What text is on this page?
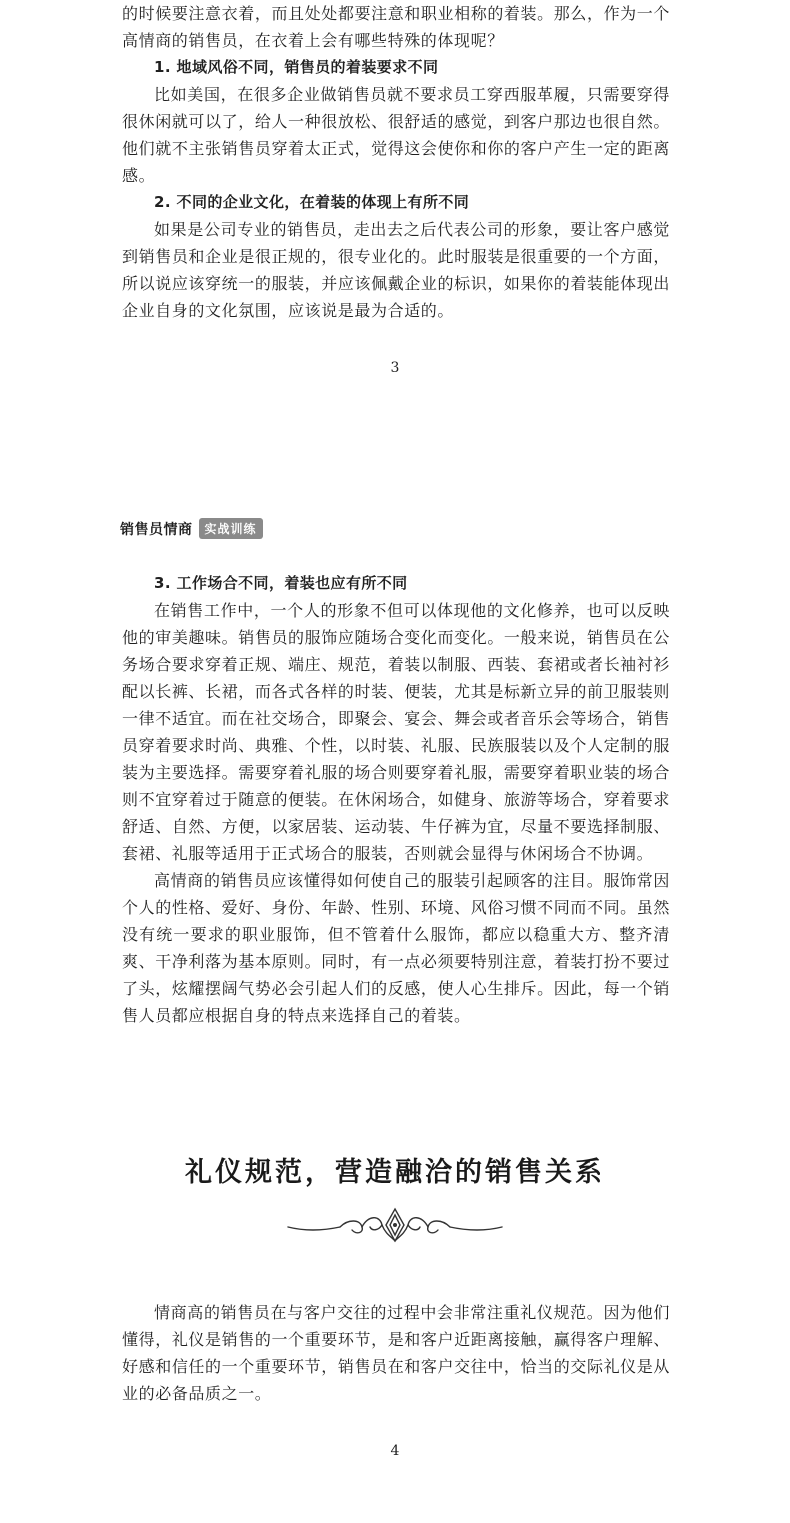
的时候要注意衣着，而且处处都要注意和职业相称的着装。那么，作为一个高情商的销售员，在衣着上会有哪些特殊的体现呢？

1. 地域风俗不同，销售员的着装要求不同

比如美国，在很多企业做销售员就不要求员工穿西服革履，只需要穿得很休闲就可以了，给人一种很放松、很舒适的感觉，到客户那边也很自然。他们就不主张销售员穿着太正式，觉得这会使你和你的客户产生一定的距离感。

2. 不同的企业文化，在着装的体现上有所不同

如果是公司专业的销售员，走出去之后代表公司的形象，要让客户感觉到销售员和企业是很正规的，很专业化的。此时服装是很重要的一个方面，所以说应该穿统一的服装，并应该佩戴企业的标识，如果你的着装能体现出企业自身的文化氛围，应该说是最为合适的。

3
销售员情商	实战训练
3. 工作场合不同，着装也应有所不同

在销售工作中，一个人的形象不但可以体现他的文化修养，也可以反映他的审美趣味。销售员的服饰应随场合变化而变化。一般来说，销售员在公务场合要求穿着正规、端庄、规范，着装以制服、西装、套裙或者长袖衬衫配以长裤、长裙，而各式各样的时装、便装，尤其是标新立异的前卫服装则一律不适宜。而在社交场合，即聚会、宴会、舞会或者音乐会等场合，销售员穿着要求时尚、典雅、个性，以时装、礼服、民族服装以及个人定制的服装为主要选择。需要穿着礼服的场合则要穿着礼服，需要穿着职业装的场合则不宜穿着过于随意的便装。在休闲场合，如健身、旅游等场合，穿着要求舒适、自然、方便，以家居装、运动装、牛仔裤为宜，尽量不要选择制服、套裙、礼服等适用于正式场合的服装，否则就会显得与休闲场合不协调。

高情商的销售员应该懂得如何使自己的服装引起顾客的注目。服饰常因个人的性格、爱好、身份、年龄、性别、环境、风俗习惯不同而不同。虽然没有统一要求的职业服饰，但不管着什么服饰，都应以稳重大方、整齐清爽、干净利落为基本原则。同时，有一点必须要特别注意，着装打扮不要过了头，炫耀摆阔气势必会引起人们的反感，使人心生排斥。因此，每一个销售人员都应根据自身的特点来选择自己的着装。

礼仪规范，营造融洽的销售关系

情商高的销售员在与客户交往的过程中会非常注重礼仪规范。因为他们懂得，礼仪是销售的一个重要环节，是和客户近距离接触，赢得客户理解、好感和信任的一个重要环节，销售员在和客户交往中，恰当的交际礼仪是从业的必备品质之一。

4
